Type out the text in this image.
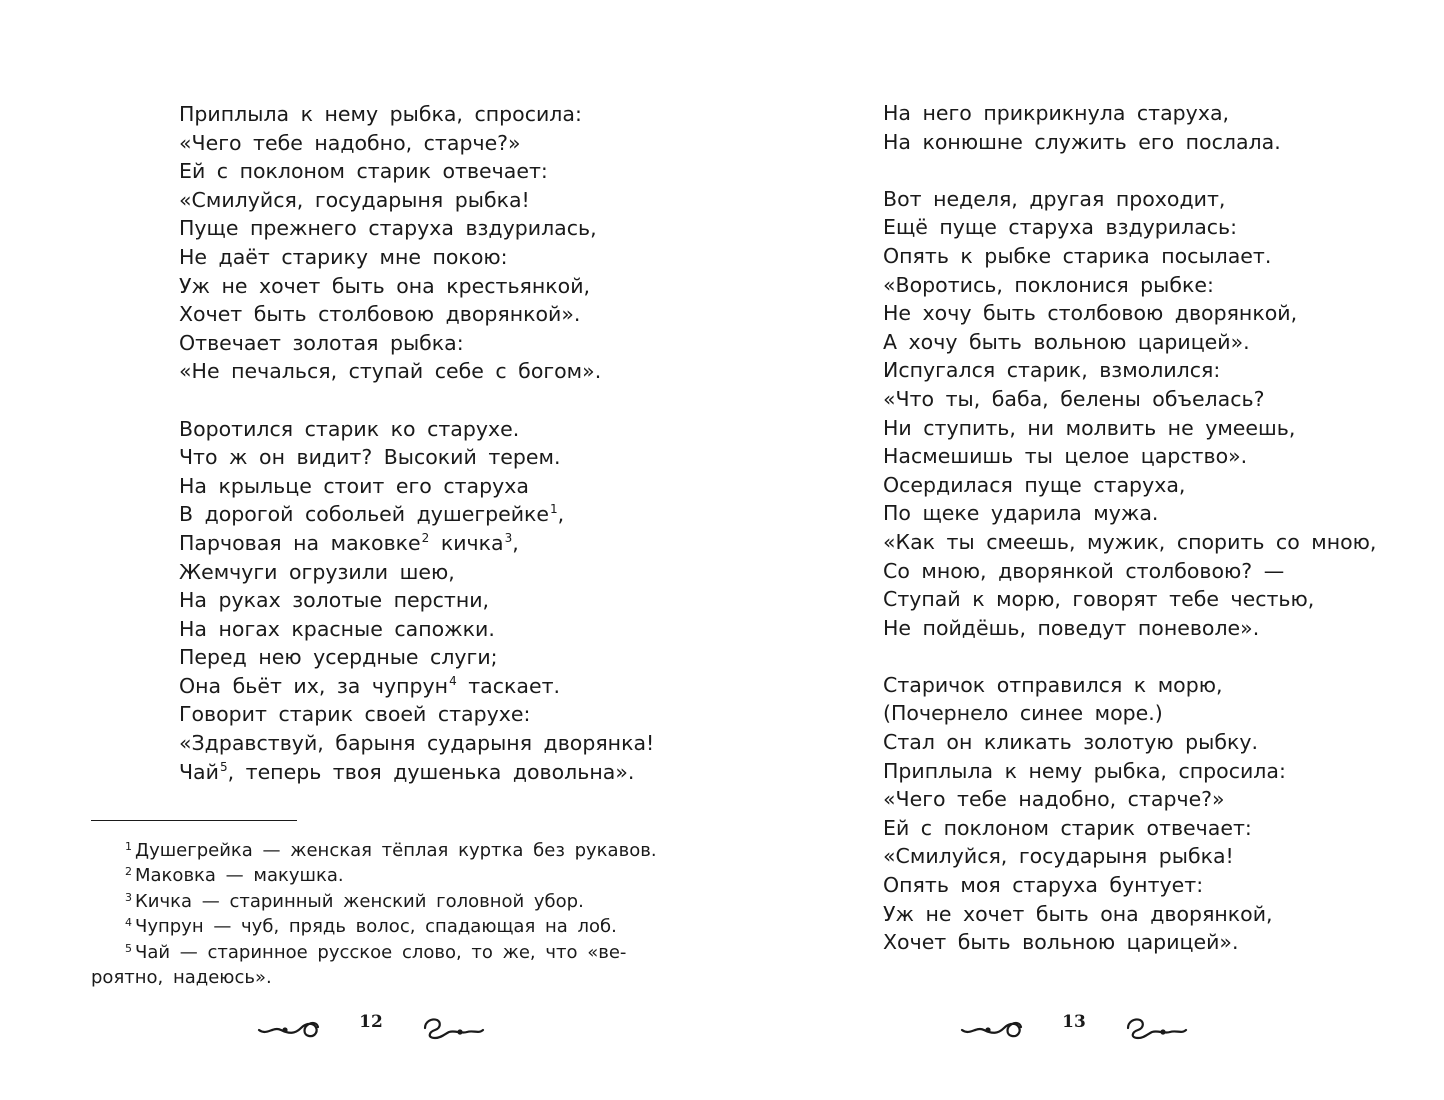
Приплыла к нему рыбка, спросила:
«Чего тебе надобно, старче?»
Ей с поклоном старик отвечает:
«Смилуйся, государыня рыбка!
Пуще прежнего старуха вздурилась,
Не даёт старику мне покою:
Уж не хочет быть она крестьянкой,
Хочет быть столбовою дворянкой».
Отвечает золотая рыбка:
«Не печалься, ступай себе с богом».
Воротился старик ко старухе.
Что ж он видит? Высокий терем.
На крыльце стоит его старуха
В дорогой собольей душегрейке$^1$,
Парчовая на маковке$^2$ кичка$^3$,
Жемчуги огрузили шею,
На руках золотые перстни,
На ногах красные сапожки.
Перед нею усердные слуги;
Она бьёт их, за чупрун$^4$ таскает.
Говорит старик своей старухе:
«Здравствуй, барыня сударыня дворянка!
Чай$^5$, теперь твоя душенька довольна».
1 Душегрейка — женская тёплая куртка без рукавов.
2 Маковка — макушка.
3 Кичка — старинный женский головной убор.
4 Чупрун — чуб, прядь волос, спадающая на лоб.
5 Чай — старинное русское слово, то же, что «ве-
роятно, надеюсь».
12
На него прикрикнула старуха,
На конюшне служить его послала.
Вот неделя, другая проходит,
Ещё пуще старуха вздурилась:
Опять к рыбке старика посылает.
«Воротись, поклонися рыбке:
Не хочу быть столбовою дворянкой,
А хочу быть вольною царицей».
Испугался старик, взмолился:
«Что ты, баба, белены объелась?
Ни ступить, ни молвить не умеешь,
Насмешишь ты целое царство».
Осердилася пуще старуха,
По щеке ударила мужа.
«Как ты смеешь, мужик, спорить со мною,
Со мною, дворянкой столбовою? —
Ступай к морю, говорят тебе честью,
Не пойдёшь, поведут поневоле».
Старичок отправился к морю,
(Почернело синее море.)
Стал он кликать золотую рыбку.
Приплыла к нему рыбка, спросила:
«Чего тебе надобно, старче?»
Ей с поклоном старик отвечает:
«Смилуйся, государыня рыбка!
Опять моя старуха бунтует:
Уж не хочет быть она дворянкой,
Хочет быть вольною царицей».
13
